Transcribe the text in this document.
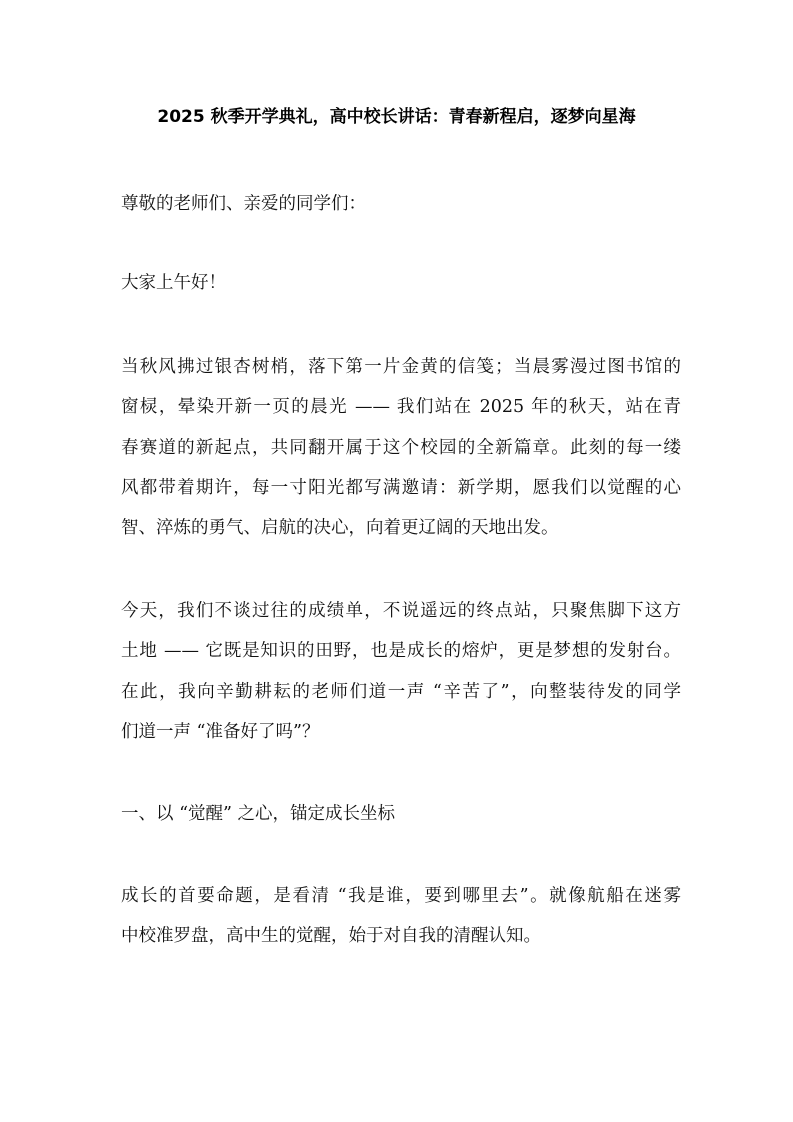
2025 秋季开学典礼，高中校长讲话：青春新程启，逐梦向星海
尊敬的老师们、亲爱的同学们：
大家上午好！
当秋风拂过银杏树梢，落下第一片金黄的信笺；当晨雾漫过图书馆的
窗棂，晕染开新一页的晨光 —— 我们站在 2025 年的秋天，站在青
春赛道的新起点，共同翻开属于这个校园的全新篇章。此刻的每一缕
风都带着期许，每一寸阳光都写满邀请：新学期，愿我们以觉醒的心
智、淬炼的勇气、启航的决心，向着更辽阔的天地出发。
今天，我们不谈过往的成绩单，不说遥远的终点站，只聚焦脚下这方
土地 —— 它既是知识的田野，也是成长的熔炉，更是梦想的发射台。
在此，我向辛勤耕耘的老师们道一声 “辛苦了”，向整装待发的同学
们道一声 “准备好了吗”？
一、以 “觉醒” 之心，锚定成长坐标
成长的首要命题，是看清 “我是谁，要到哪里去”。就像航船在迷雾
中校准罗盘，高中生的觉醒，始于对自我的清醒认知。
